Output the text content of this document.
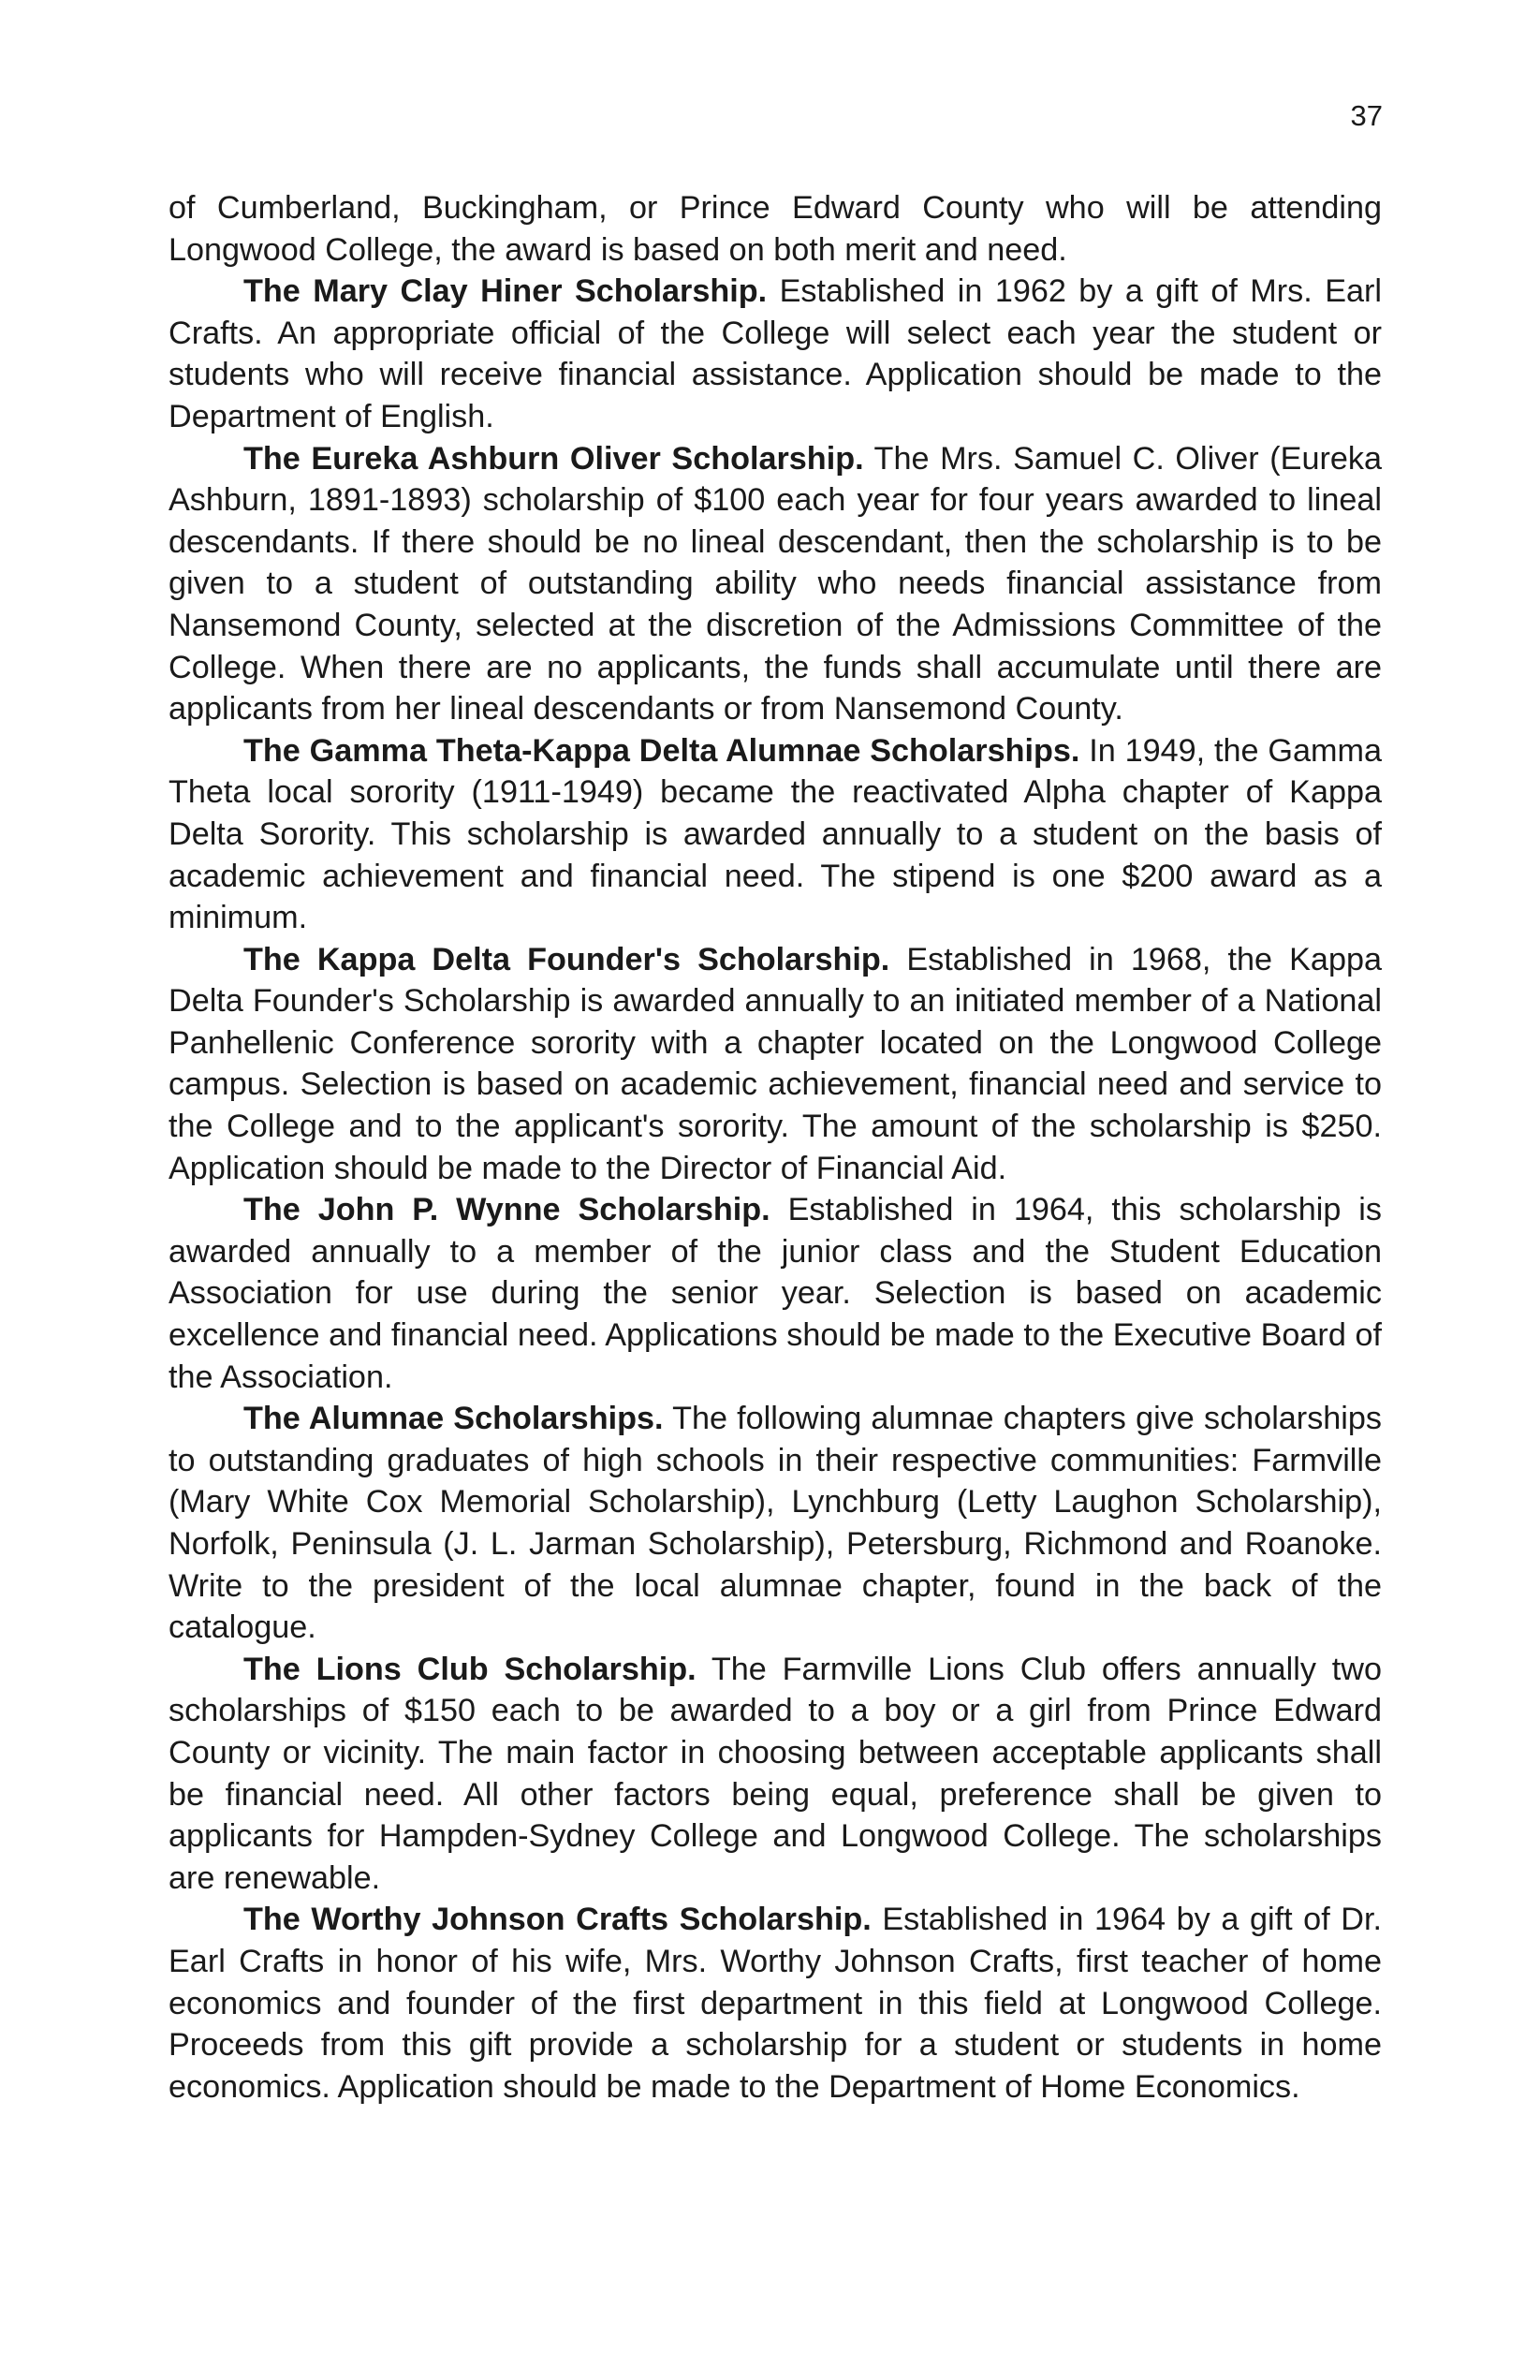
37

of Cumberland, Buckingham, or Prince Edward County who will be attending Longwood College, the award is based on both merit and need.

The Mary Clay Hiner Scholarship. Established in 1962 by a gift of Mrs. Earl Crafts. An appropriate official of the College will select each year the student or students who will receive financial assistance. Application should be made to the Department of English.

The Eureka Ashburn Oliver Scholarship. The Mrs. Samuel C. Oliver (Eureka Ashburn, 1891-1893) scholarship of $100 each year for four years awarded to lineal descendants. If there should be no lineal descendant, then the scholarship is to be given to a student of outstanding ability who needs financial assistance from Nansemond County, selected at the discretion of the Admissions Committee of the College. When there are no applicants, the funds shall accumulate until there are applicants from her lineal descendants or from Nansemond County.

The Gamma Theta-Kappa Delta Alumnae Scholarships. In 1949, the Gamma Theta local sorority (1911-1949) became the reactivated Alpha chapter of Kappa Delta Sorority. This scholarship is awarded annually to a student on the basis of academic achievement and financial need. The stipend is one $200 award as a minimum.

The Kappa Delta Founder's Scholarship. Established in 1968, the Kappa Delta Founder's Scholarship is awarded annually to an initiated member of a National Panhellenic Conference sorority with a chapter located on the Longwood College campus. Selection is based on academic achievement, financial need and service to the College and to the applicant's sorority. The amount of the scholarship is $250. Application should be made to the Director of Financial Aid.

The John P. Wynne Scholarship. Established in 1964, this scholarship is awarded annually to a member of the junior class and the Student Education Association for use during the senior year. Selection is based on academic excellence and financial need. Applications should be made to the Executive Board of the Association.

The Alumnae Scholarships. The following alumnae chapters give scholarships to outstanding graduates of high schools in their respective communities: Farmville (Mary White Cox Memorial Scholarship), Lynchburg (Letty Laughon Scholarship), Norfolk, Peninsula (J. L. Jarman Scholarship), Petersburg, Richmond and Roanoke. Write to the president of the local alumnae chapter, found in the back of the catalogue.

The Lions Club Scholarship. The Farmville Lions Club offers annually two scholarships of $150 each to be awarded to a boy or a girl from Prince Edward County or vicinity. The main factor in choosing between acceptable applicants shall be financial need. All other factors being equal, preference shall be given to applicants for Hampden-Sydney College and Longwood College. The scholarships are renewable.

The Worthy Johnson Crafts Scholarship. Established in 1964 by a gift of Dr. Earl Crafts in honor of his wife, Mrs. Worthy Johnson Crafts, first teacher of home economics and founder of the first department in this field at Longwood College. Proceeds from this gift provide a scholarship for a student or students in home economics. Application should be made to the Department of Home Economics.
